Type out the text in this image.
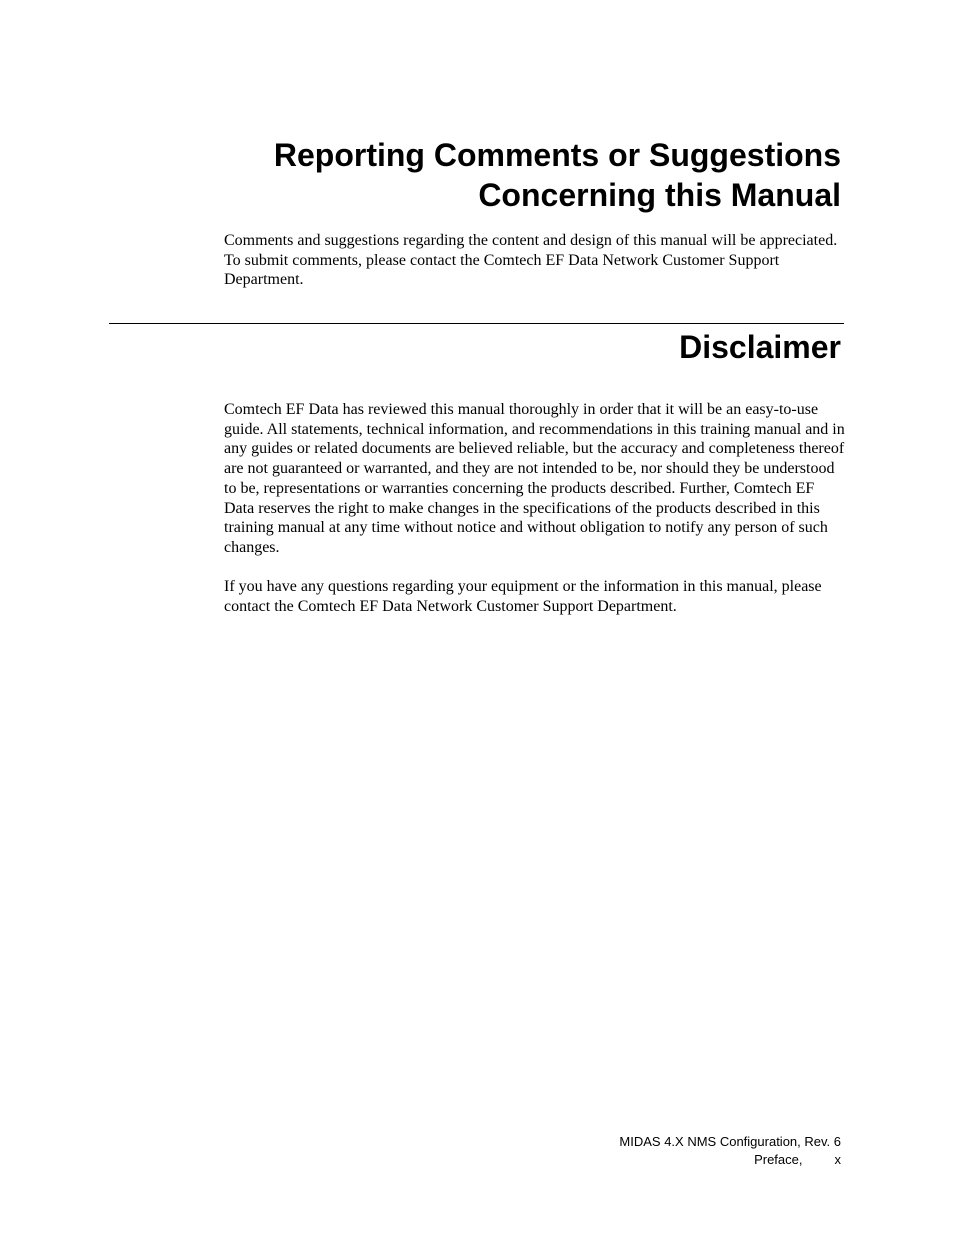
Reporting Comments or Suggestions
Concerning this Manual

Comments and suggestions regarding the content and design of this manual will be appreciated. To submit comments, please contact the Comtech EF Data Network Customer Support Department.

Disclaimer

Comtech EF Data has reviewed this manual thoroughly in order that it will be an easy-to-use guide. All statements, technical information, and recommendations in this training manual and in any guides or related documents are believed reliable, but the accuracy and completeness thereof are not guaranteed or warranted, and they are not intended to be, nor should they be understood to be, representations or warranties concerning the products described. Further, Comtech EF Data reserves the right to make changes in the specifications of the products described in this training manual at any time without notice and without obligation to notify any person of such changes.

If you have any questions regarding your equipment or the information in this manual, please contact the Comtech EF Data Network Customer Support Department.

MIDAS 4.X NMS Configuration, Rev. 6
Preface, x
